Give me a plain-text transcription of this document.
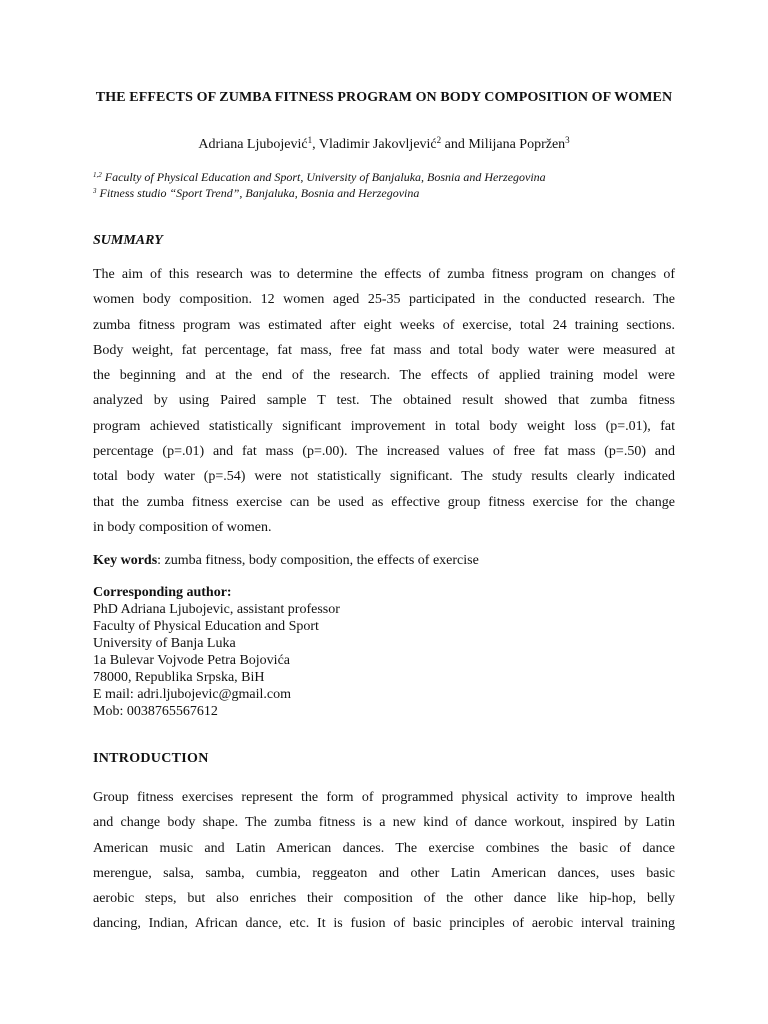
THE EFFECTS OF ZUMBA FITNESS PROGRAM ON BODY COMPOSITION OF WOMEN
Adriana Ljubojević$^1$, Vladimir Jakovljević$^2$ and Milijana Popržen$^3$
$^{1,2}$ Faculty of Physical Education and Sport, University of Banjaluka, Bosnia and Herzegovina
$^3$ Fitness studio “Sport Trend”, Banjaluka, Bosnia and Herzegovina
SUMMARY
The aim of this research was to determine the effects of zumba fitness program on changes of
women body composition. 12 women aged 25-35 participated in the conducted research. The
zumba fitness program was estimated after eight weeks of exercise, total 24 training sections.
Body weight, fat percentage, fat mass, free fat mass and total body water were measured at
the beginning and at the end of the research. The effects of applied training model were
analyzed by using Paired sample T test. The obtained result showed that zumba fitness
program achieved statistically significant improvement in total body weight loss (p=.01), fat
percentage (p=.01) and fat mass (p=.00). The increased values of free fat mass (p=.50) and
total body water (p=.54) were not statistically significant. The study results clearly indicated
that the zumba fitness exercise can be used as effective group fitness exercise for the change
in body composition of women.
Key words: zumba fitness, body composition, the effects of exercise
Corresponding author:
PhD Adriana Ljubojevic, assistant professor
Faculty of Physical Education and Sport
University of Banja Luka
1a Bulevar Vojvode Petra Bojovića
78000, Republika Srpska, BiH
E mail: adri.ljubojevic@gmail.com
Mob: 0038765567612
INTRODUCTION
Group fitness exercises represent the form of programmed physical activity to improve health
and change body shape. The zumba fitness is a new kind of dance workout, inspired by Latin
American music and Latin American dances. The exercise combines the basic of dance
merengue, salsa, samba, cumbia, reggeaton and other Latin American dances, uses basic
aerobic steps, but also enriches their composition of the other dance like hip-hop, belly
dancing, Indian, African dance, etc. It is fusion of basic principles of aerobic interval training
